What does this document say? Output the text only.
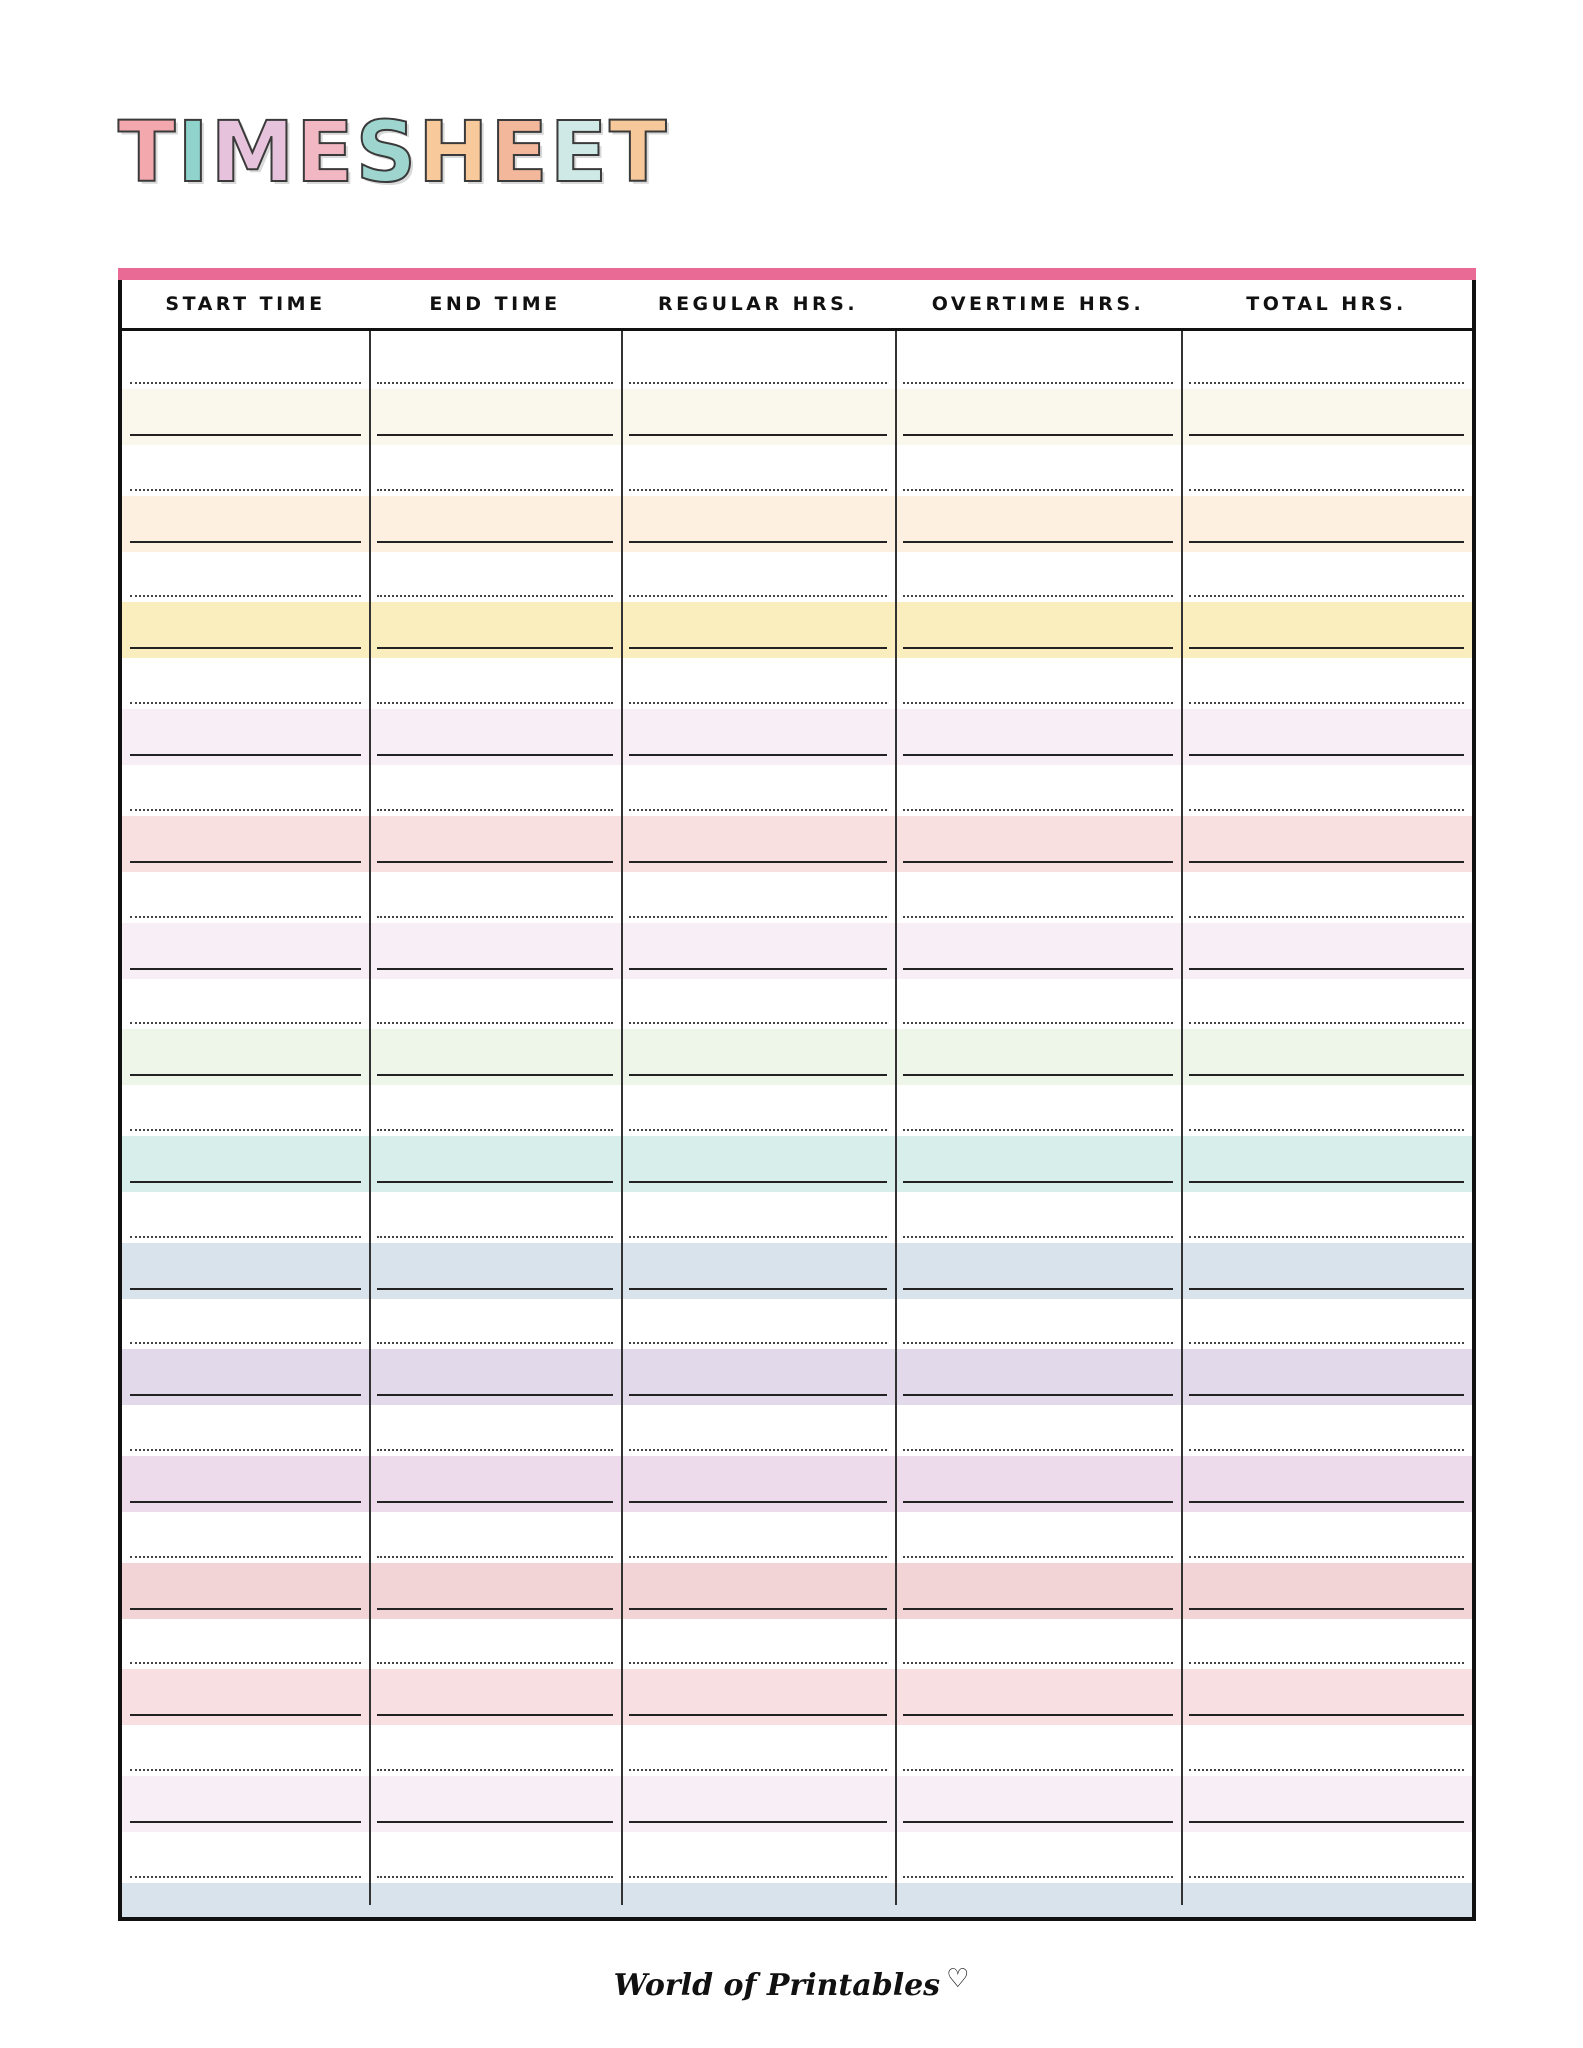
T I M E S H E E T
START TIME	END TIME	REGULAR HRS.	OVERTIME HRS.	TOTAL HRS.
World of Printables ♡
